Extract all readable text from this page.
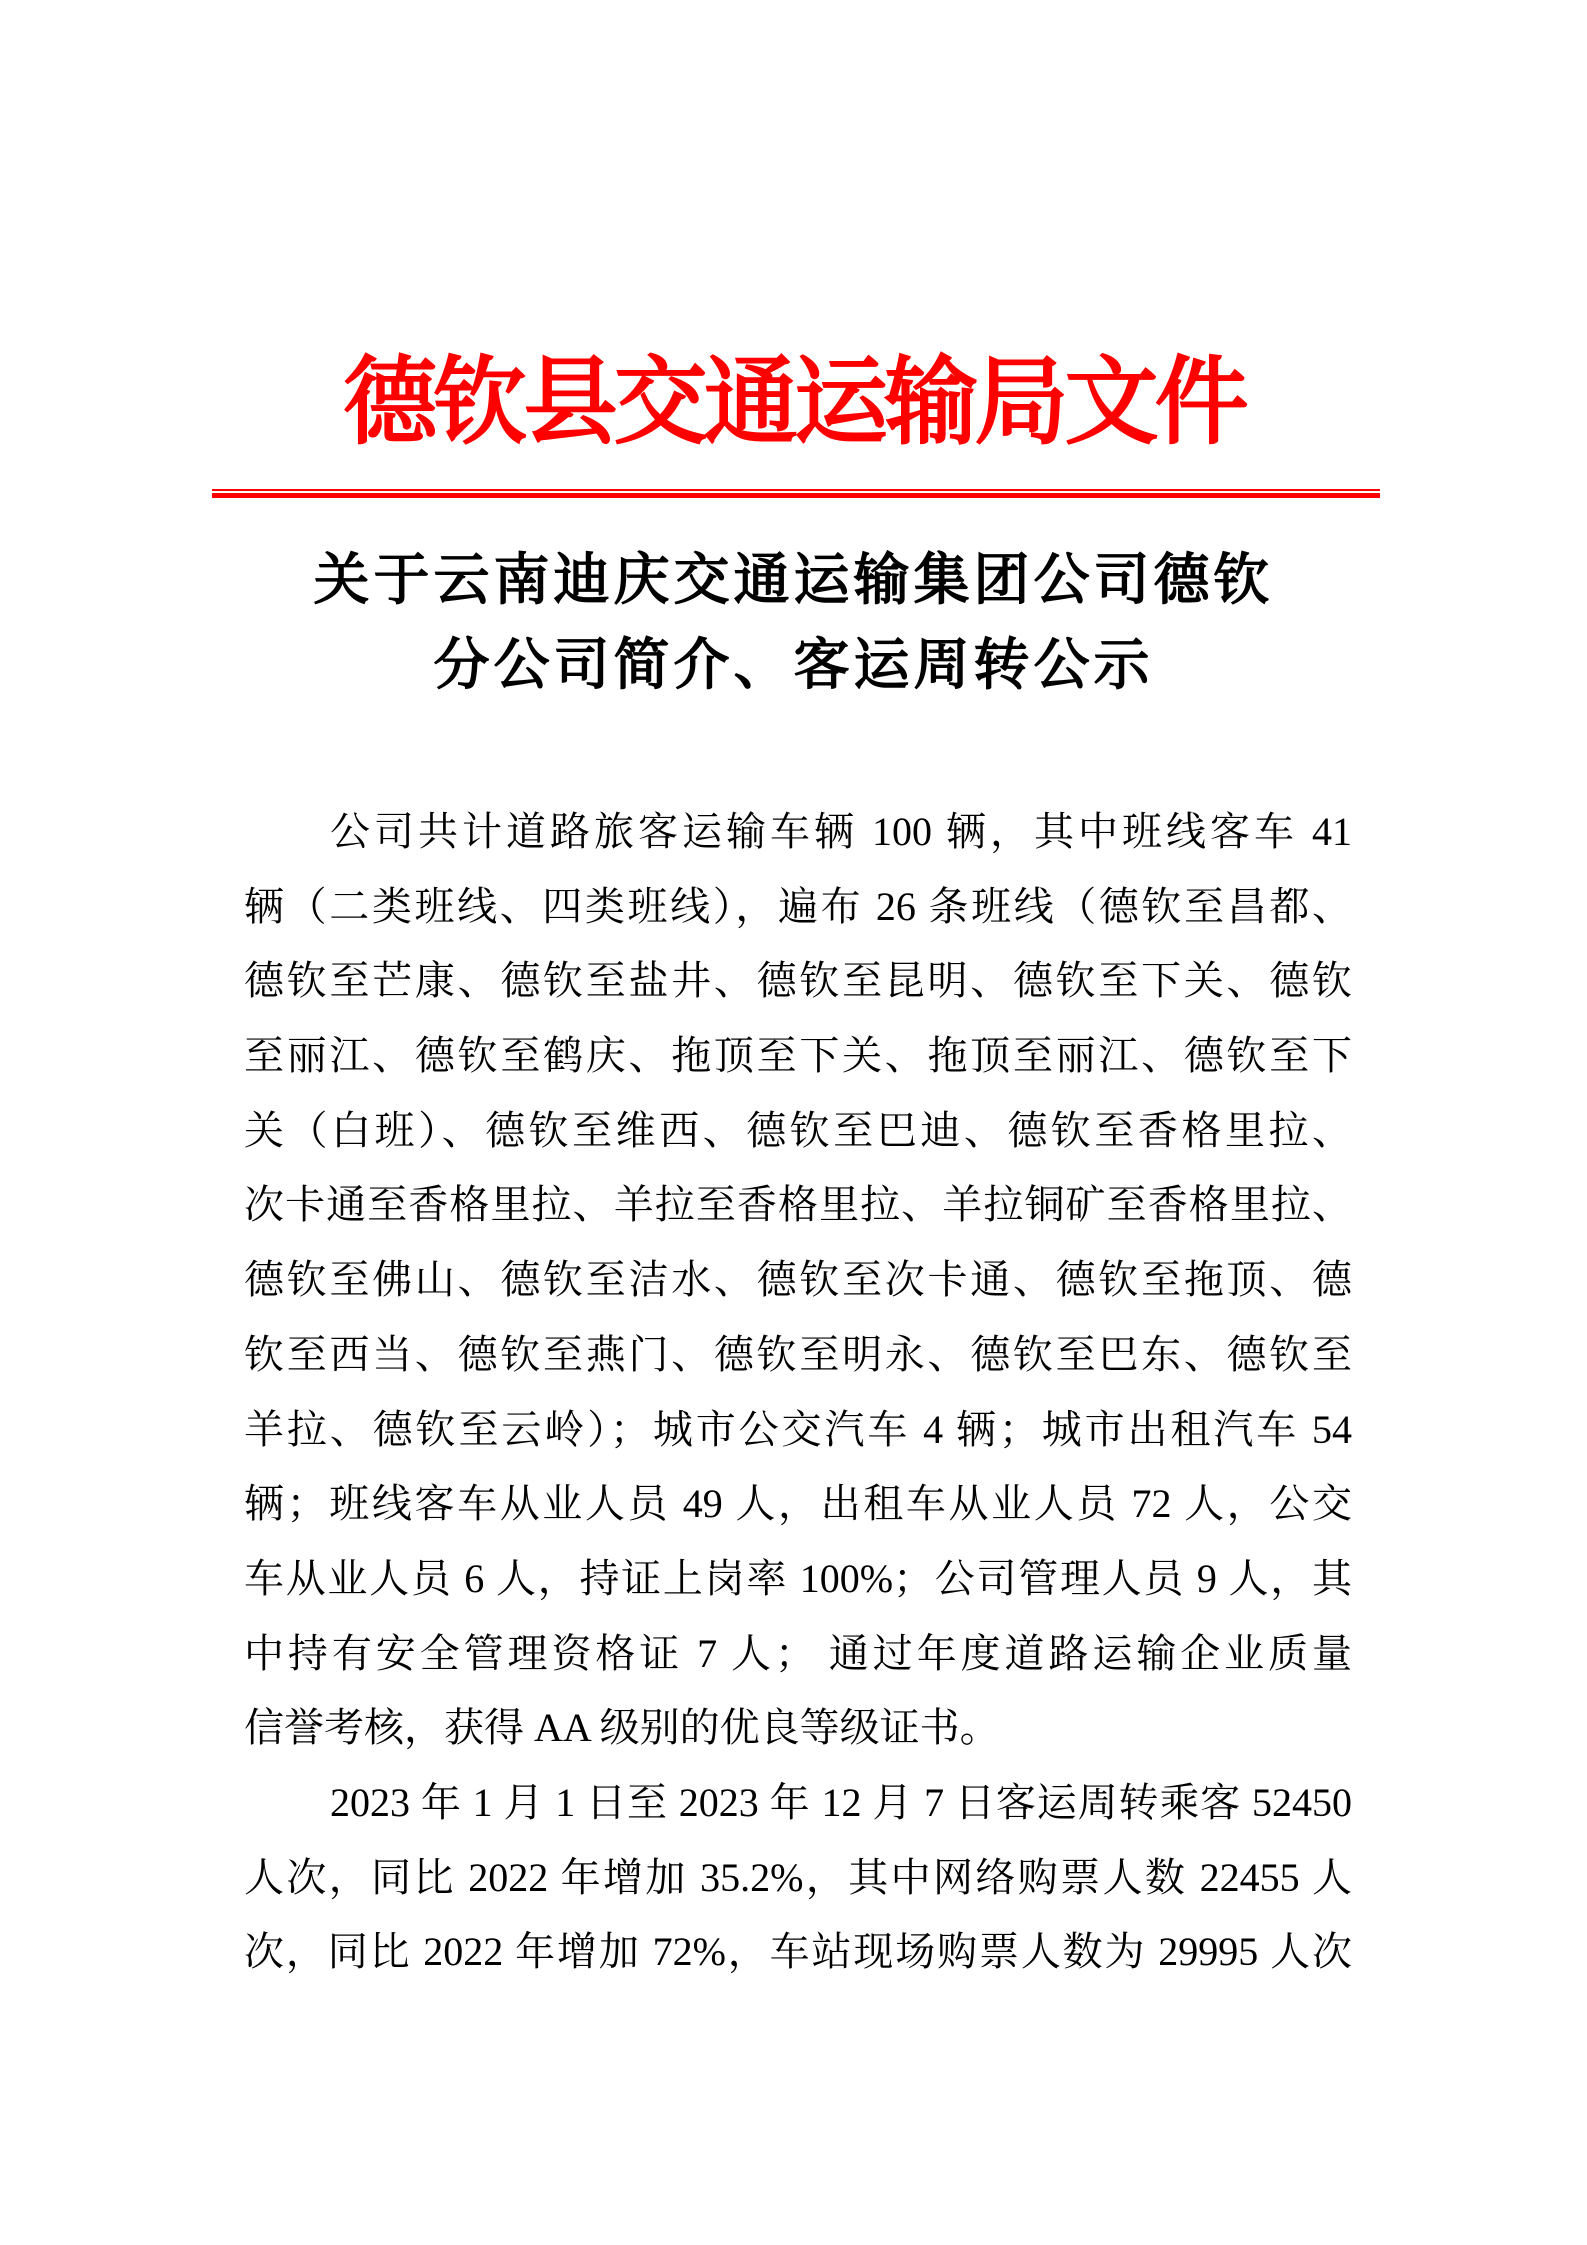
德钦县交通运输局文件
关于云南迪庆交通运输集团公司德钦
分公司简介、客运周转公示
公司共计道路旅客运输车辆 100 辆，其中班线客车 41
辆（二类班线、四类班线），遍布 26 条班线（德钦至昌都、
德钦至芒康、德钦至盐井、德钦至昆明、德钦至下关、德钦
至丽江、德钦至鹤庆、拖顶至下关、拖顶至丽江、德钦至下
关（白班）、德钦至维西、德钦至巴迪、德钦至香格里拉、
次卡通至香格里拉、羊拉至香格里拉、羊拉铜矿至香格里拉、
德钦至佛山、德钦至洁水、德钦至次卡通、德钦至拖顶、德
钦至西当、德钦至燕门、德钦至明永、德钦至巴东、德钦至
羊拉、德钦至云岭）；城市公交汽车 4 辆；城市出租汽车 54
辆；班线客车从业人员 49 人，出租车从业人员 72 人，公交
车从业人员 6 人，持证上岗率 100%；公司管理人员 9 人，其
中持有安全管理资格证 7 人； 通过年度道路运输企业质量
信誉考核，获得 AA 级别的优良等级证书。
2023 年 1 月 1 日至 2023 年 12 月 7 日客运周转乘客 52450
人次，同比 2022 年增加 35.2%，其中网络购票人数 22455 人
次，同比 2022 年增加 72%，车站现场购票人数为 29995 人次
